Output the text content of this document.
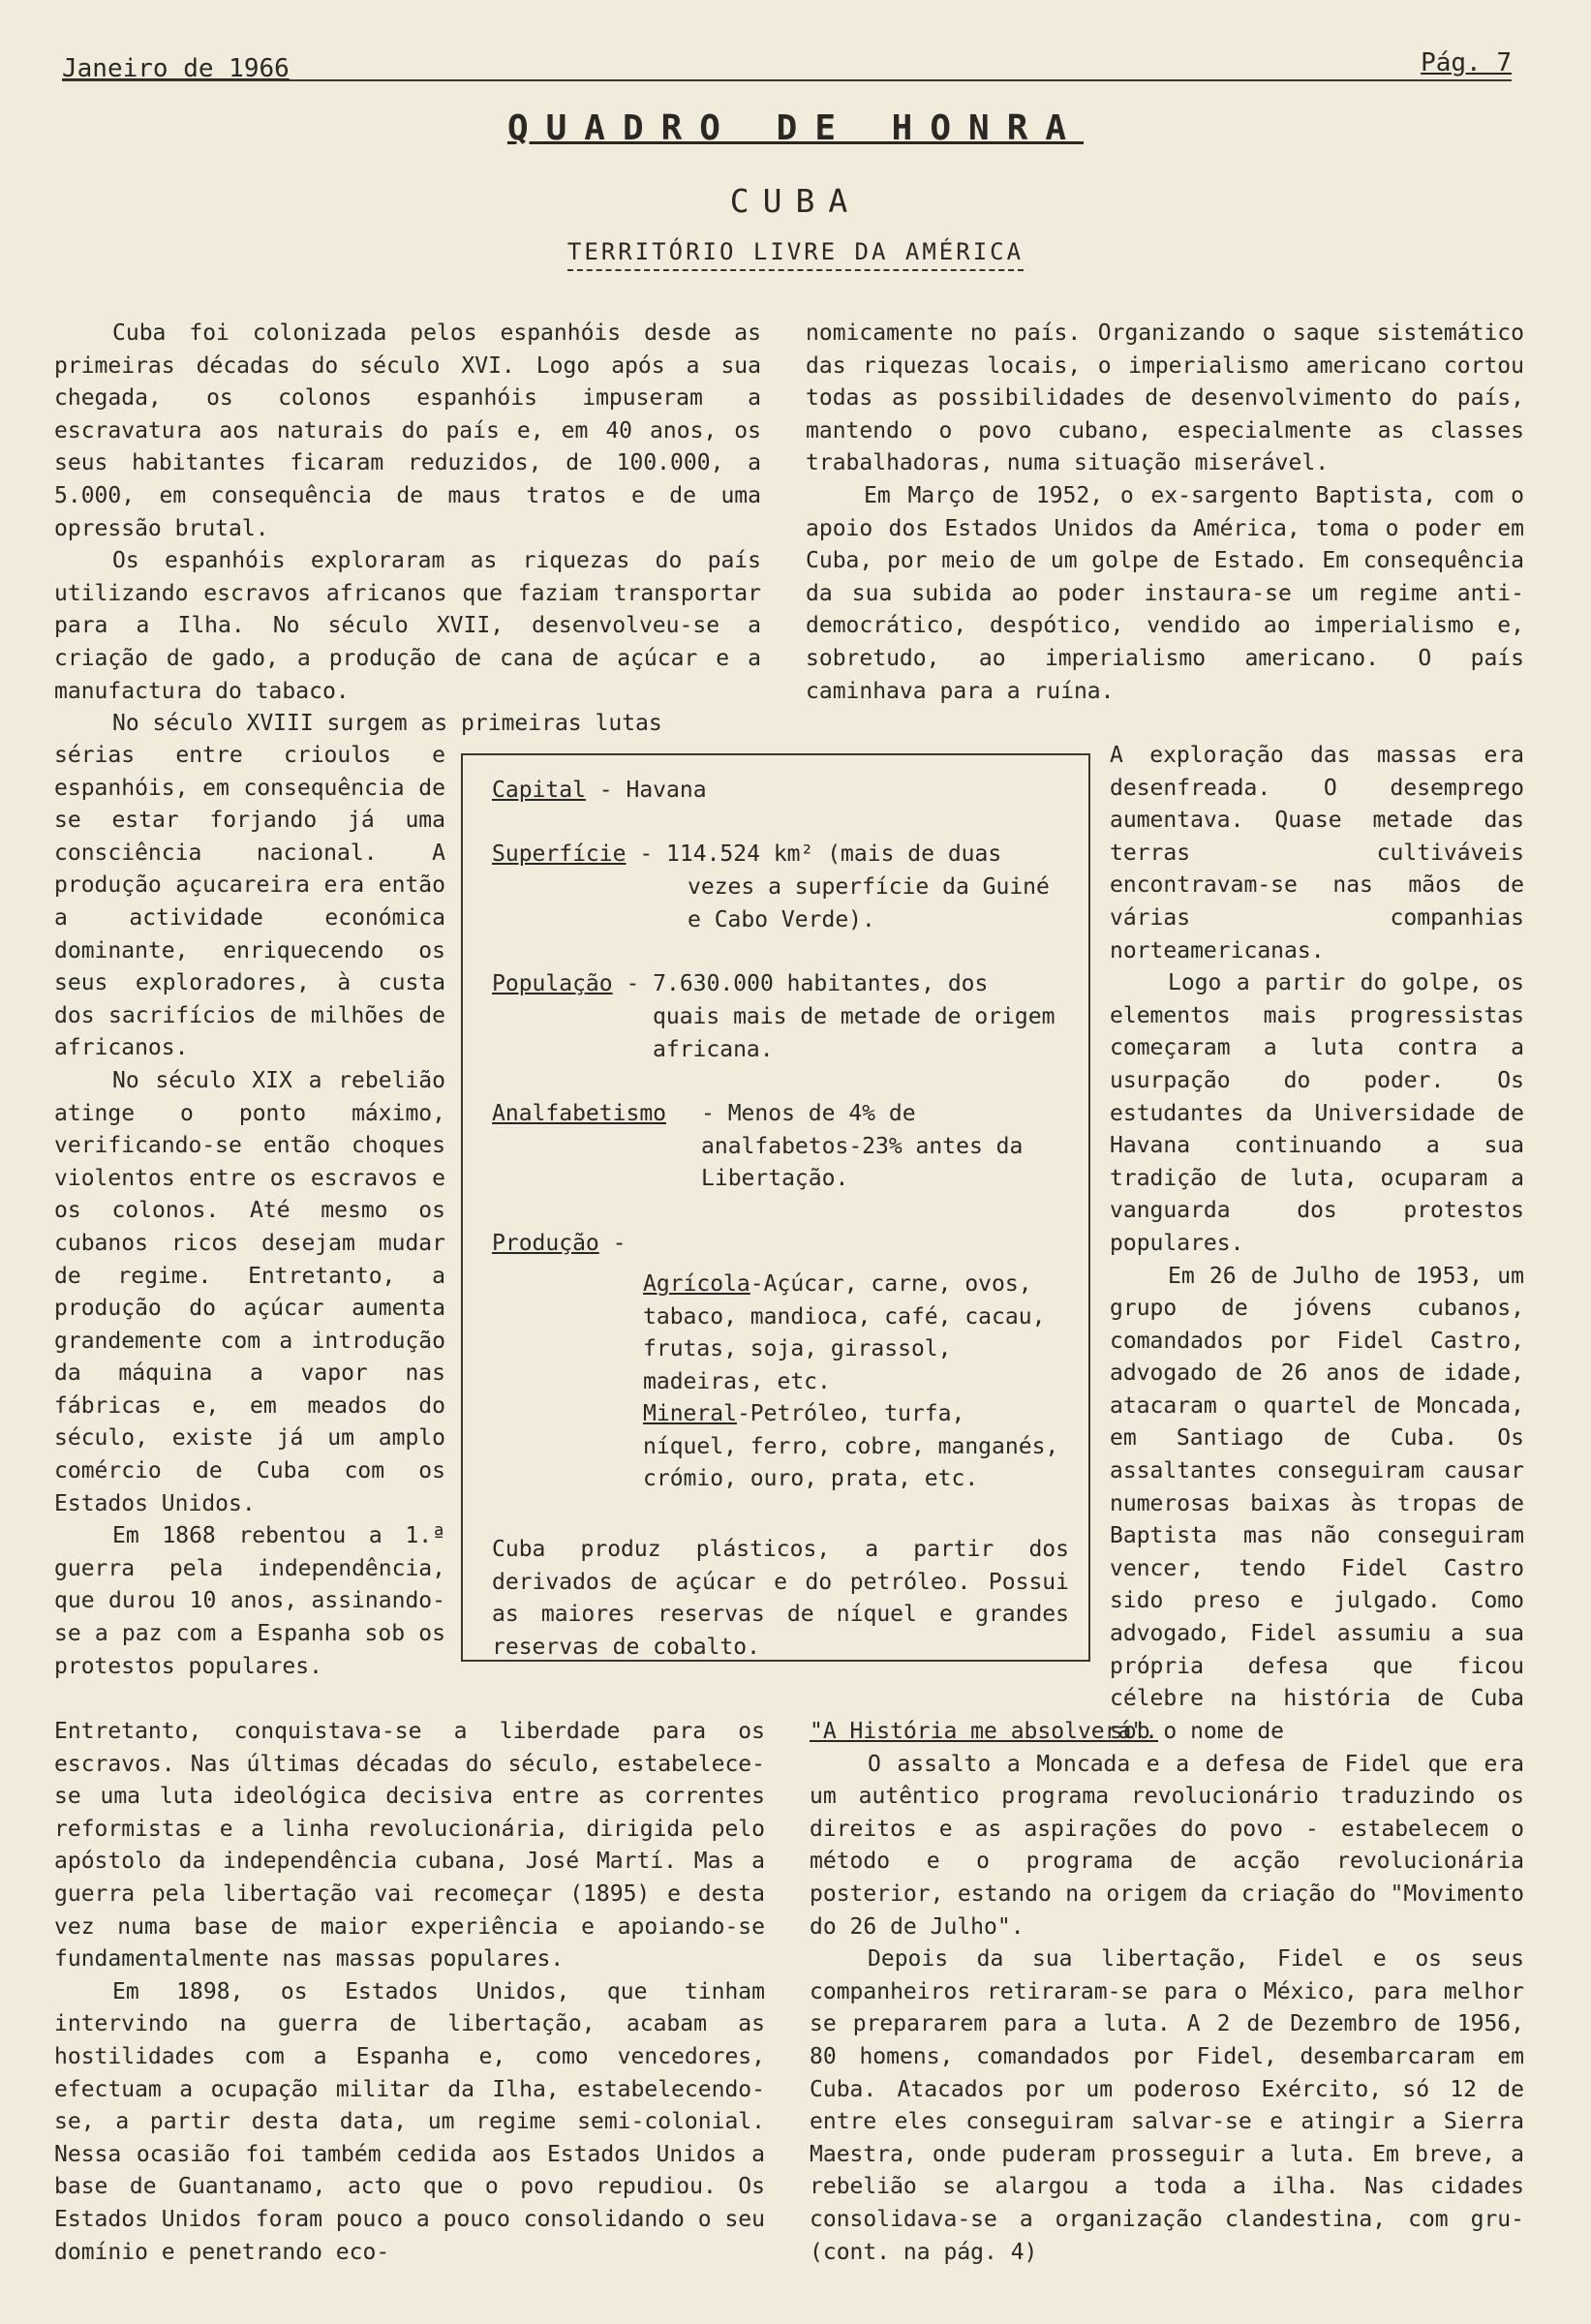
Janeiro de 1966	Pág. 7
QUADRO DE HONRA
CUBA
TERRITÓRIO LIVRE DA AMÉRICA

Cuba foi colonizada pelos espanhóis desde as primeiras décadas do século XVI. Logo após a sua chegada, os colonos espanhóis impuseram a escravatura aos naturais do país e, em 40 anos, os seus habitantes ficaram reduzidos, de 100.000, a 5.000, em consequência de maus tratos e de uma opressão brutal.

Os espanhóis exploraram as riquezas do país utilizando escravos africanos que faziam transportar para a Ilha. No século XVII, desenvolveu-se a criação de gado, a produção de cana de açúcar e a manufactura do tabaco.

No século XVIII surgem as primeiras lutas

sérias entre crioulos e espanhóis, em consequência de se estar forjando já uma consciência nacional. A produção açucareira era então a actividade económica dominante, enriquecendo os seus exploradores, à custa dos sacrifícios de milhões de africanos.

No século XIX a rebelião atinge o ponto máximo, verificando-se então choques violentos entre os escravos e os colonos. Até mesmo os cubanos ricos desejam mudar de regime. Entretanto, a produção do açúcar aumenta grandemente com a introdução da máquina a vapor nas fábricas e, em meados do século, existe já um amplo comércio de Cuba com os Estados Unidos.

Em 1868 rebentou a 1.ª guerra pela independência, que durou 10 anos, assinando-se a paz com a Espanha sob os protestos populares.

Entretanto, conquistava-se a liberdade para os escravos. Nas últimas décadas do século, estabelece-se uma luta ideológica decisiva entre as correntes reformistas e a linha revolucionária, dirigida pelo apóstolo da independência cubana, José Martí. Mas a guerra pela libertação vai recomeçar (1895) e desta vez numa base de maior experiência e apoiando-se fundamentalmente nas massas populares.

Em 1898, os Estados Unidos, que tinham intervindo na guerra de libertação, acabam as hostilidades com a Espanha e, como vencedores, efectuam a ocupação militar da Ilha, estabelecendo-se, a partir desta data, um regime semi-colonial. Nessa ocasião foi também cedida aos Estados Unidos a base de Guantanamo, acto que o povo repudiou. Os Estados Unidos foram pouco a pouco consolidando o seu domínio e penetrando eco-

nomicamente no país. Organizando o saque sistemático das riquezas locais, o imperialismo americano cortou todas as possibilidades de desenvolvimento do país, mantendo o povo cubano, especialmente as classes trabalhadoras, numa situação miserável.

Em Março de 1952, o ex-sargento Baptista, com o apoio dos Estados Unidos da América, toma o poder em Cuba, por meio de um golpe de Estado. Em consequência da sua subida ao poder instaura-se um regime anti-democrático, despótico, vendido ao imperialismo e, sobretudo, ao imperialismo americano. O país caminhava para a ruína.

A exploração das massas era desenfreada. O desemprego aumentava. Quase metade das terras cultiváveis encontravam-se nas mãos de várias companhias norteamericanas.

Logo a partir do golpe, os elementos mais progressistas começaram a luta contra a usurpação do poder. Os estudantes da Universidade de Havana continuando a sua tradição de luta, ocuparam a vanguarda dos protestos populares.

Em 26 de Julho de 1953, um grupo de jóvens cubanos, comandados por Fidel Castro, advogado de 26 anos de idade, atacaram o quartel de Moncada, em Santiago de Cuba. Os assaltantes conseguiram causar numerosas baixas às tropas de Baptista mas não conseguiram vencer, tendo Fidel Castro sido preso e julgado. Como advogado, Fidel assumiu a sua própria defesa que ficou célebre na história de Cuba sob o nome de

"A História me absolverá".

O assalto a Moncada e a defesa de Fidel que era um autêntico programa revolucionário traduzindo os direitos e as aspirações do povo - estabelecem o método e o programa de acção revolucionária posterior, estando na origem da criação do "Movimento do 26 de Julho".

Depois da sua libertação, Fidel e os seus companheiros retiraram-se para o México, para melhor se prepararem para a luta. A 2 de Dezembro de 1956, 80 homens, comandados por Fidel, desembarcaram em Cuba. Atacados por um poderoso Exército, só 12 de entre eles conseguiram salvar-se e atingir a Sierra Maestra, onde puderam prosseguir a luta. Em breve, a rebelião se alargou a toda a ilha. Nas cidades consolidava-se a organização clandestina, com gru- (cont. na pág. 4)

Capital - Havana
Superfície - 114.524 km² (mais de duas
vezes a superfície da Guiné e Cabo Verde).
População - 7.630.000 habitantes, dos
quais mais de metade de origem africana.
Analfabetismo	- Menos de 4% de analfabetos-23% antes da Libertação.
Produção -
Agrícola-Açúcar, carne, ovos, tabaco, mandioca, café, cacau, frutas, soja, girassol, madeiras, etc.
Mineral-Petróleo, turfa, níquel, ferro, cobre, manganés, crómio, ouro, prata, etc.
Cuba produz plásticos, a partir dos derivados de açúcar e do petróleo. Possui as maiores reservas de níquel e grandes reservas de cobalto.
